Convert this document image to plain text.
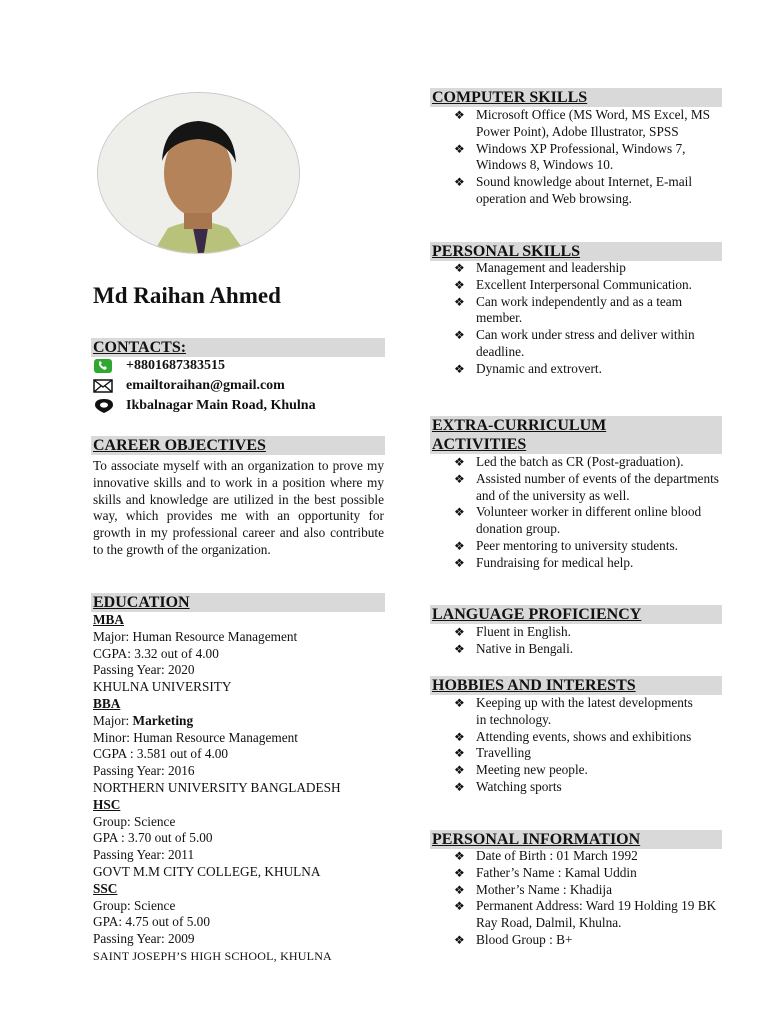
Md Raihan Ahmed
CONTACTS:
+8801687383515
emailtoraihan@gmail.com
Ikbalnagar Main Road, Khulna
CAREER OBJECTIVES
To associate myself with an organization to prove my innovative skills and to work in a position where my skills and knowledge are utilized in the best possible way, which provides me with an opportunity for growth in my professional career and also contribute to the growth of the organization.
EDUCATION
MBA
Major: Human Resource Management
CGPA: 3.32 out of 4.00
Passing Year: 2020
KHULNA UNIVERSITY
BBA
Major: Marketing
Minor: Human Resource Management
CGPA : 3.581 out of 4.00
Passing Year: 2016
NORTHERN UNIVERSITY BANGLADESH
HSC
Group: Science
GPA : 3.70 out of 5.00
Passing Year: 2011
GOVT M.M CITY COLLEGE, KHULNA
SSC
Group: Science
GPA: 4.75 out of 5.00
Passing Year: 2009
SAINT JOSEPH’S HIGH SCHOOL, KHULNA
COMPUTER SKILLS
❖ Microsoft Office (MS Word, MS Excel, MS Power Point), Adobe Illustrator, SPSS
❖ Windows XP Professional, Windows 7, Windows 8, Windows 10.
❖ Sound knowledge about Internet, E-mail operation and Web browsing.
PERSONAL SKILLS
❖ Management and leadership
❖ Excellent Interpersonal Communication.
❖ Can work independently and as a team member.
❖ Can work under stress and deliver within deadline.
❖ Dynamic and extrovert.
EXTRA-CURRICULUM
ACTIVITIES
❖ Led the batch as CR (Post-graduation).
❖ Assisted number of events of the departments and of the university as well.
❖ Volunteer worker in different online blood donation group.
❖ Peer mentoring to university students.
❖ Fundraising for medical help.
LANGUAGE PROFICIENCY
❖ Fluent in English.
❖ Native in Bengali.
HOBBIES AND INTERESTS
❖ Keeping up with the latest developments in technology.
❖ Attending events, shows and exhibitions
❖ Travelling
❖ Meeting new people.
❖ Watching sports
PERSONAL INFORMATION
❖ Date of Birth : 01 March 1992
❖ Father’s Name : Kamal Uddin
❖ Mother’s Name : Khadija
❖ Permanent Address: Ward 19 Holding 19 BK Ray Road, Dalmil, Khulna.
❖ Blood Group : B+
